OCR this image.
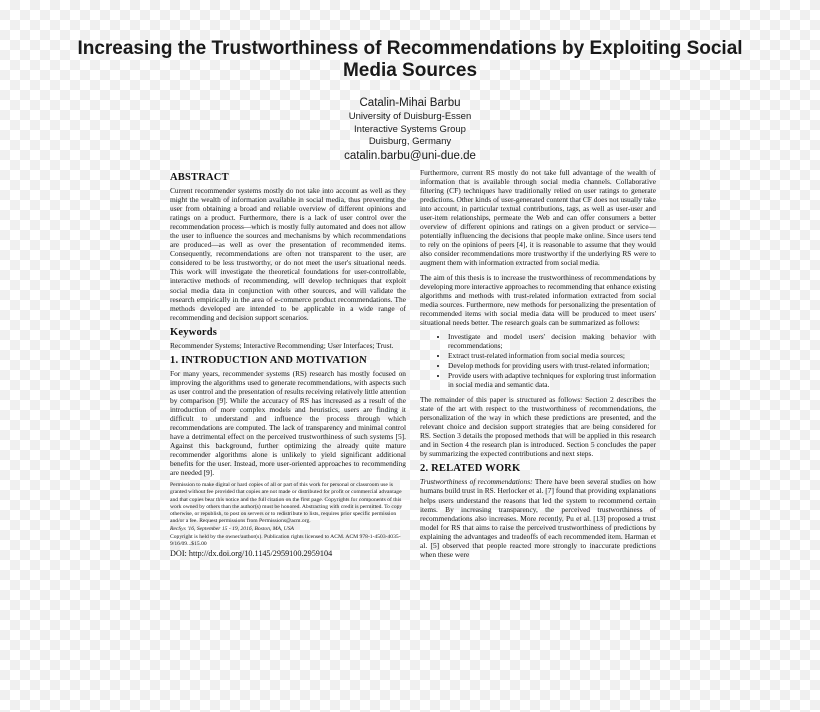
Increasing the Trustworthiness of Recommendations by Exploiting Social Media Sources
Catalin-Mihai Barbu
University of Duisburg-Essen
Interactive Systems Group
Duisburg, Germany
catalin.barbu@uni-due.de
ABSTRACT

Current recommender systems mostly do not take into account as well as they might the wealth of information available in social media, thus preventing the user from obtaining a broad and reliable overview of different opinions and ratings on a product. Furthermore, there is a lack of user control over the recommendation process—which is mostly fully automated and does not allow the user to influence the sources and mechanisms by which recommendations are produced—as well as over the presentation of recommended items. Consequently, recommendations are often not transparent to the user, are considered to be less trustworthy, or do not meet the user's situational needs. This work will investigate the theoretical foundations for user-controllable, interactive methods of recommending, will develop techniques that exploit social media data in conjunction with other sources, and will validate the research empirically in the area of e-commerce product recommendations. The methods developed are intended to be applicable in a wide range of recommending and decision support scenarios.

Keywords

Recommender Systems; Interactive Recommending; User Interfaces; Trust.

1. INTRODUCTION AND MOTIVATION

For many years, recommender systems (RS) research has mostly focused on improving the algorithms used to generate recommendations, with aspects such as user control and the presentation of results receiving relatively little attention by comparison [9]. While the accuracy of RS has increased as a result of the introduction of more complex models and heuristics, users are finding it difficult to understand and influence the process through which recommendations are computed. The lack of transparency and minimal control have a detrimental effect on the perceived trustworthiness of such systems [5]. Against this background, further optimizing the already quite mature recommender algorithms alone is unlikely to yield significant additional benefits for the user. Instead, more user-oriented approaches to recommending are needed [9].

Permission to make digital or hard copies of all or part of this work for personal or classroom use is granted without fee provided that copies are not made or distributed for profit or commercial advantage and that copies bear this notice and the full citation on the first page. Copyrights for components of this work owned by others than the author(s) must be honored. Abstracting with credit is permitted. To copy otherwise, or republish, to post on servers or to redistribute to lists, requires prior specific permission and/or a fee. Request permissions from Permissions@acm.org.

RecSys '16, September 15 - 19, 2016, Boston, MA, USA

Copyright is held by the owner/author(s). Publication rights licensed to ACM. ACM 978-1-4503-4035-9/16/09...$15.00

DOI: http://dx.doi.org/10.1145/2959100.2959104

Furthermore, current RS mostly do not take full advantage of the wealth of information that is available through social media channels. Collaborative filtering (CF) techniques have traditionally relied on user ratings to generate predictions. Other kinds of user-generated content that CF does not usually take into account, in particular textual contributions, tags, as well as user-user and user-item relationships, permeate the Web and can offer consumers a better overview of different opinions and ratings on a given product or service—potentially influencing the decisions that people make online. Since users tend to rely on the opinions of peers [4], it is reasonable to assume that they would also consider recommendations more trustworthy if the underlying RS were to augment them with information extracted from social media.

The aim of this thesis is to increase the trustworthiness of recommendations by developing more interactive approaches to recommending that enhance existing algorithms and methods with trust-related information extracted from social media sources. Furthermore, new methods for personalizing the presentation of recommended items with social media data will be produced to meet users' situational needs better. The research goals can be summarized as follows:

• Investigate and model users' decision making behavior with recommendations;
• Extract trust-related information from social media sources;
• Develop methods for providing users with trust-related information;
• Provide users with adaptive techniques for exploring trust information in social media and semantic data.

The remainder of this paper is structured as follows: Section 2 describes the state of the art with respect to the trustworthiness of recommendations, the personalization of the way in which these predictions are presented, and the relevant choice and decision support strategies that are being considered for RS. Section 3 details the proposed methods that will be applied in this research and in Section 4 the research plan is introduced. Section 5 concludes the paper by summarizing the expected contributions and next steps.

2. RELATED WORK

Trustworthiness of recommendations: There have been several studies on how humans build trust in RS. Herlocker et al. [7] found that providing explanations helps users understand the reasons that led the system to recommend certain items. By increasing transparency, the perceived trustworthiness of recommendations also increases. More recently, Pu et al. [13] proposed a trust model for RS that aims to raise the perceived trustworthiness of predictions by explaining the advantages and tradeoffs of each recommended item. Harman et al. [5] observed that people reacted more strongly to inaccurate predictions when these were
